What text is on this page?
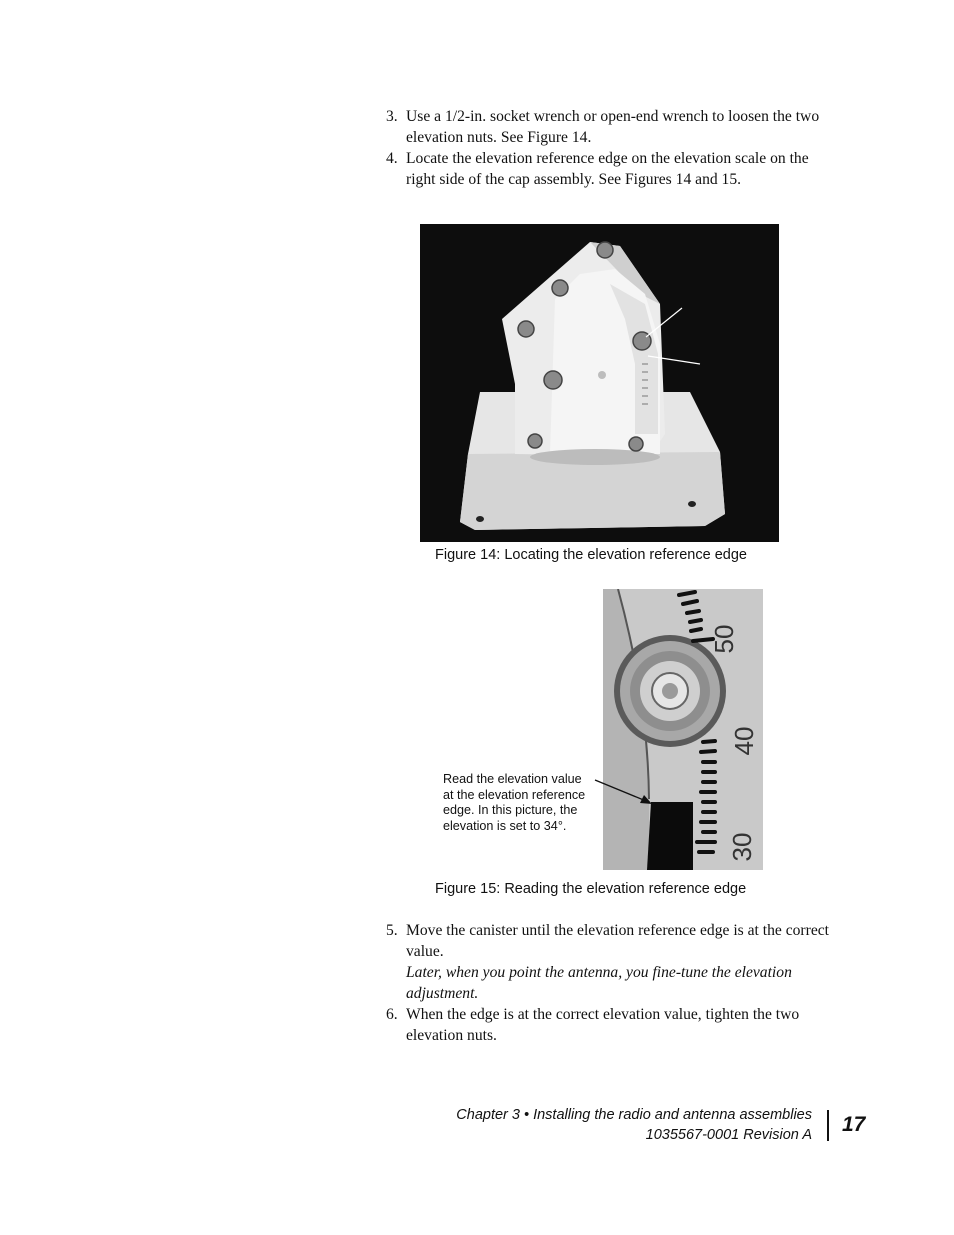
3. Use a 1/2-in. socket wrench or open-end wrench to loosen the two elevation nuts. See Figure 14.
4. Locate the elevation reference edge on the elevation scale on the right side of the cap assembly. See Figures 14 and 15.
Figure 14: Locating the elevation reference edge
50
40
30
Read the elevation value
at the elevation reference
edge. In this picture, the
elevation is set to 34°.
Figure 15: Reading the elevation reference edge
5. Move the canister until the elevation reference edge is at the correct value.
Later, when you point the antenna, you fine-tune the elevation adjustment.
6. When the edge is at the correct elevation value, tighten the two elevation nuts.
Chapter 3 • Installing the radio and antenna assemblies
1035567-0001 Revision A 17
